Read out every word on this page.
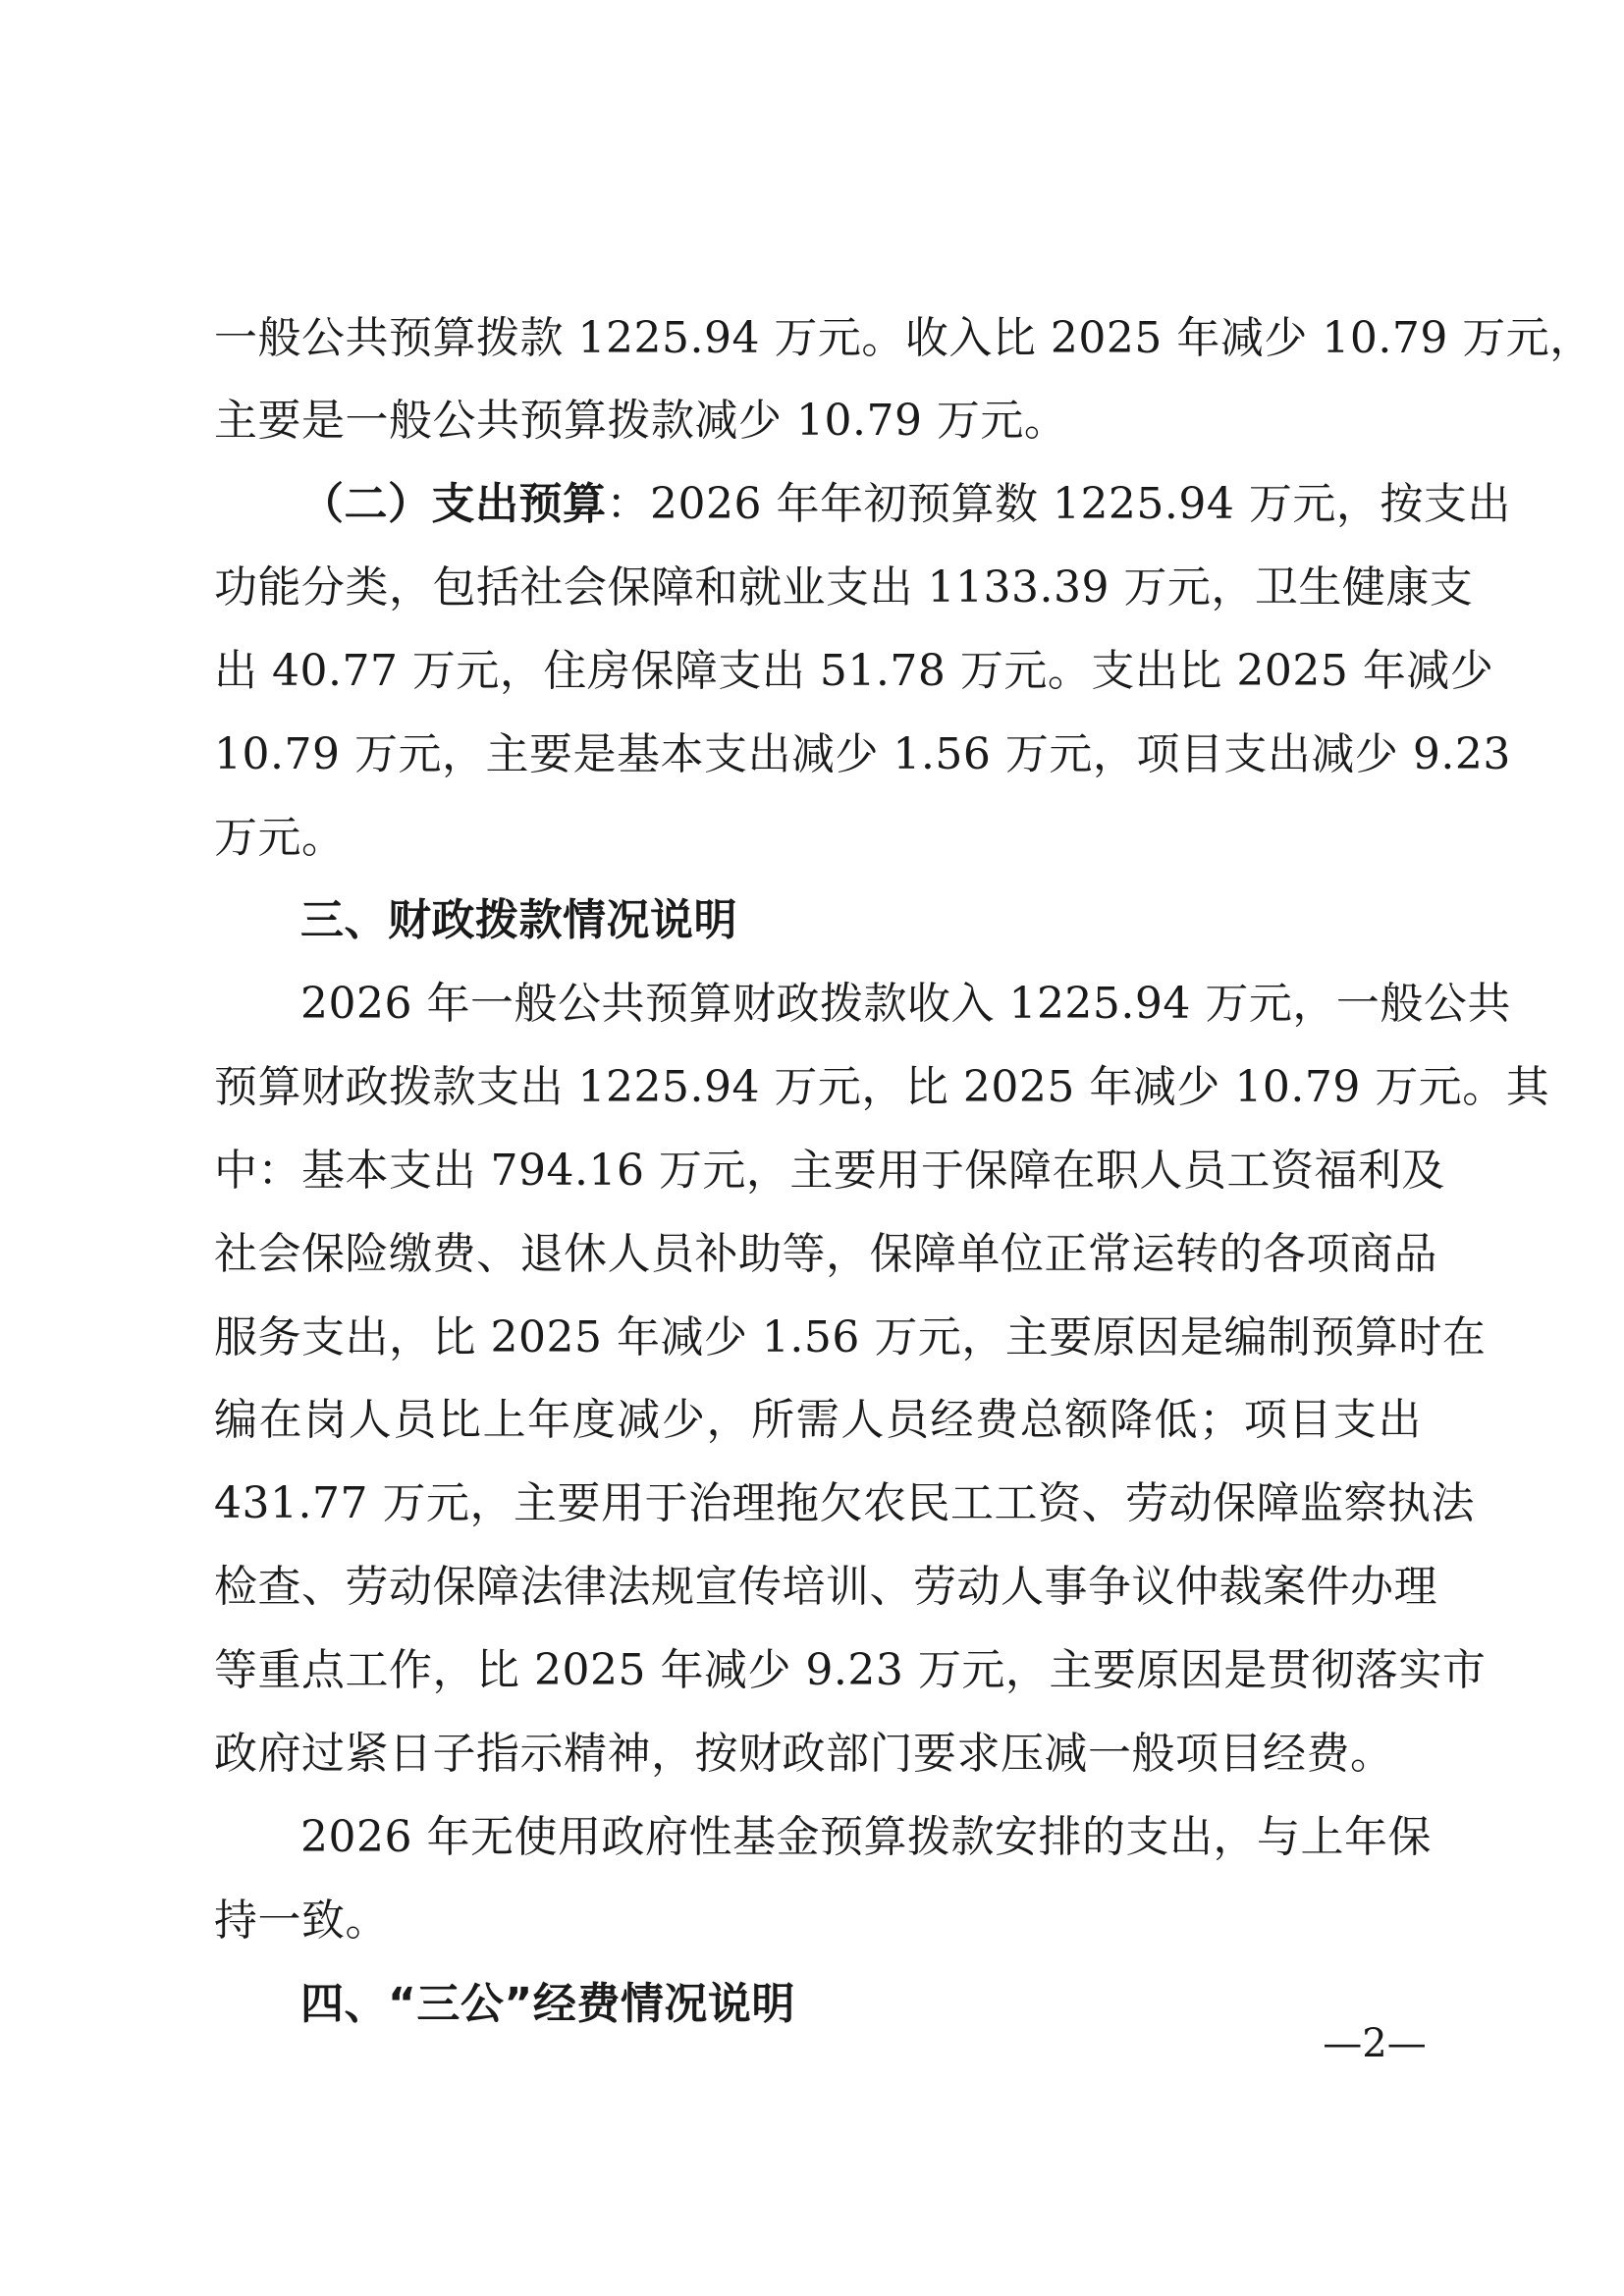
一般公共预算拨款 1225.94 万元。收入比 2025 年减少 10.79 万元，
主要是一般公共预算拨款减少 10.79 万元。
（二）支出预算：2026 年年初预算数 1225.94 万元，按支出
功能分类，包括社会保障和就业支出 1133.39 万元，卫生健康支
出 40.77 万元，住房保障支出 51.78 万元。支出比 2025 年减少
10.79 万元，主要是基本支出减少 1.56 万元，项目支出减少 9.23
万元。
三、财政拨款情况说明
2026 年一般公共预算财政拨款收入 1225.94 万元，一般公共
预算财政拨款支出 1225.94 万元，比 2025 年减少 10.79 万元。其
中：基本支出 794.16 万元，主要用于保障在职人员工资福利及
社会保险缴费、退休人员补助等，保障单位正常运转的各项商品
服务支出，比 2025 年减少 1.56 万元，主要原因是编制预算时在
编在岗人员比上年度减少，所需人员经费总额降低；项目支出
431.77 万元，主要用于治理拖欠农民工工资、劳动保障监察执法
检查、劳动保障法律法规宣传培训、劳动人事争议仲裁案件办理
等重点工作，比 2025 年减少 9.23 万元，主要原因是贯彻落实市
政府过紧日子指示精神，按财政部门要求压减一般项目经费。
2026 年无使用政府性基金预算拨款安排的支出，与上年保
持一致。
四、“三公”经费情况说明
—2—
